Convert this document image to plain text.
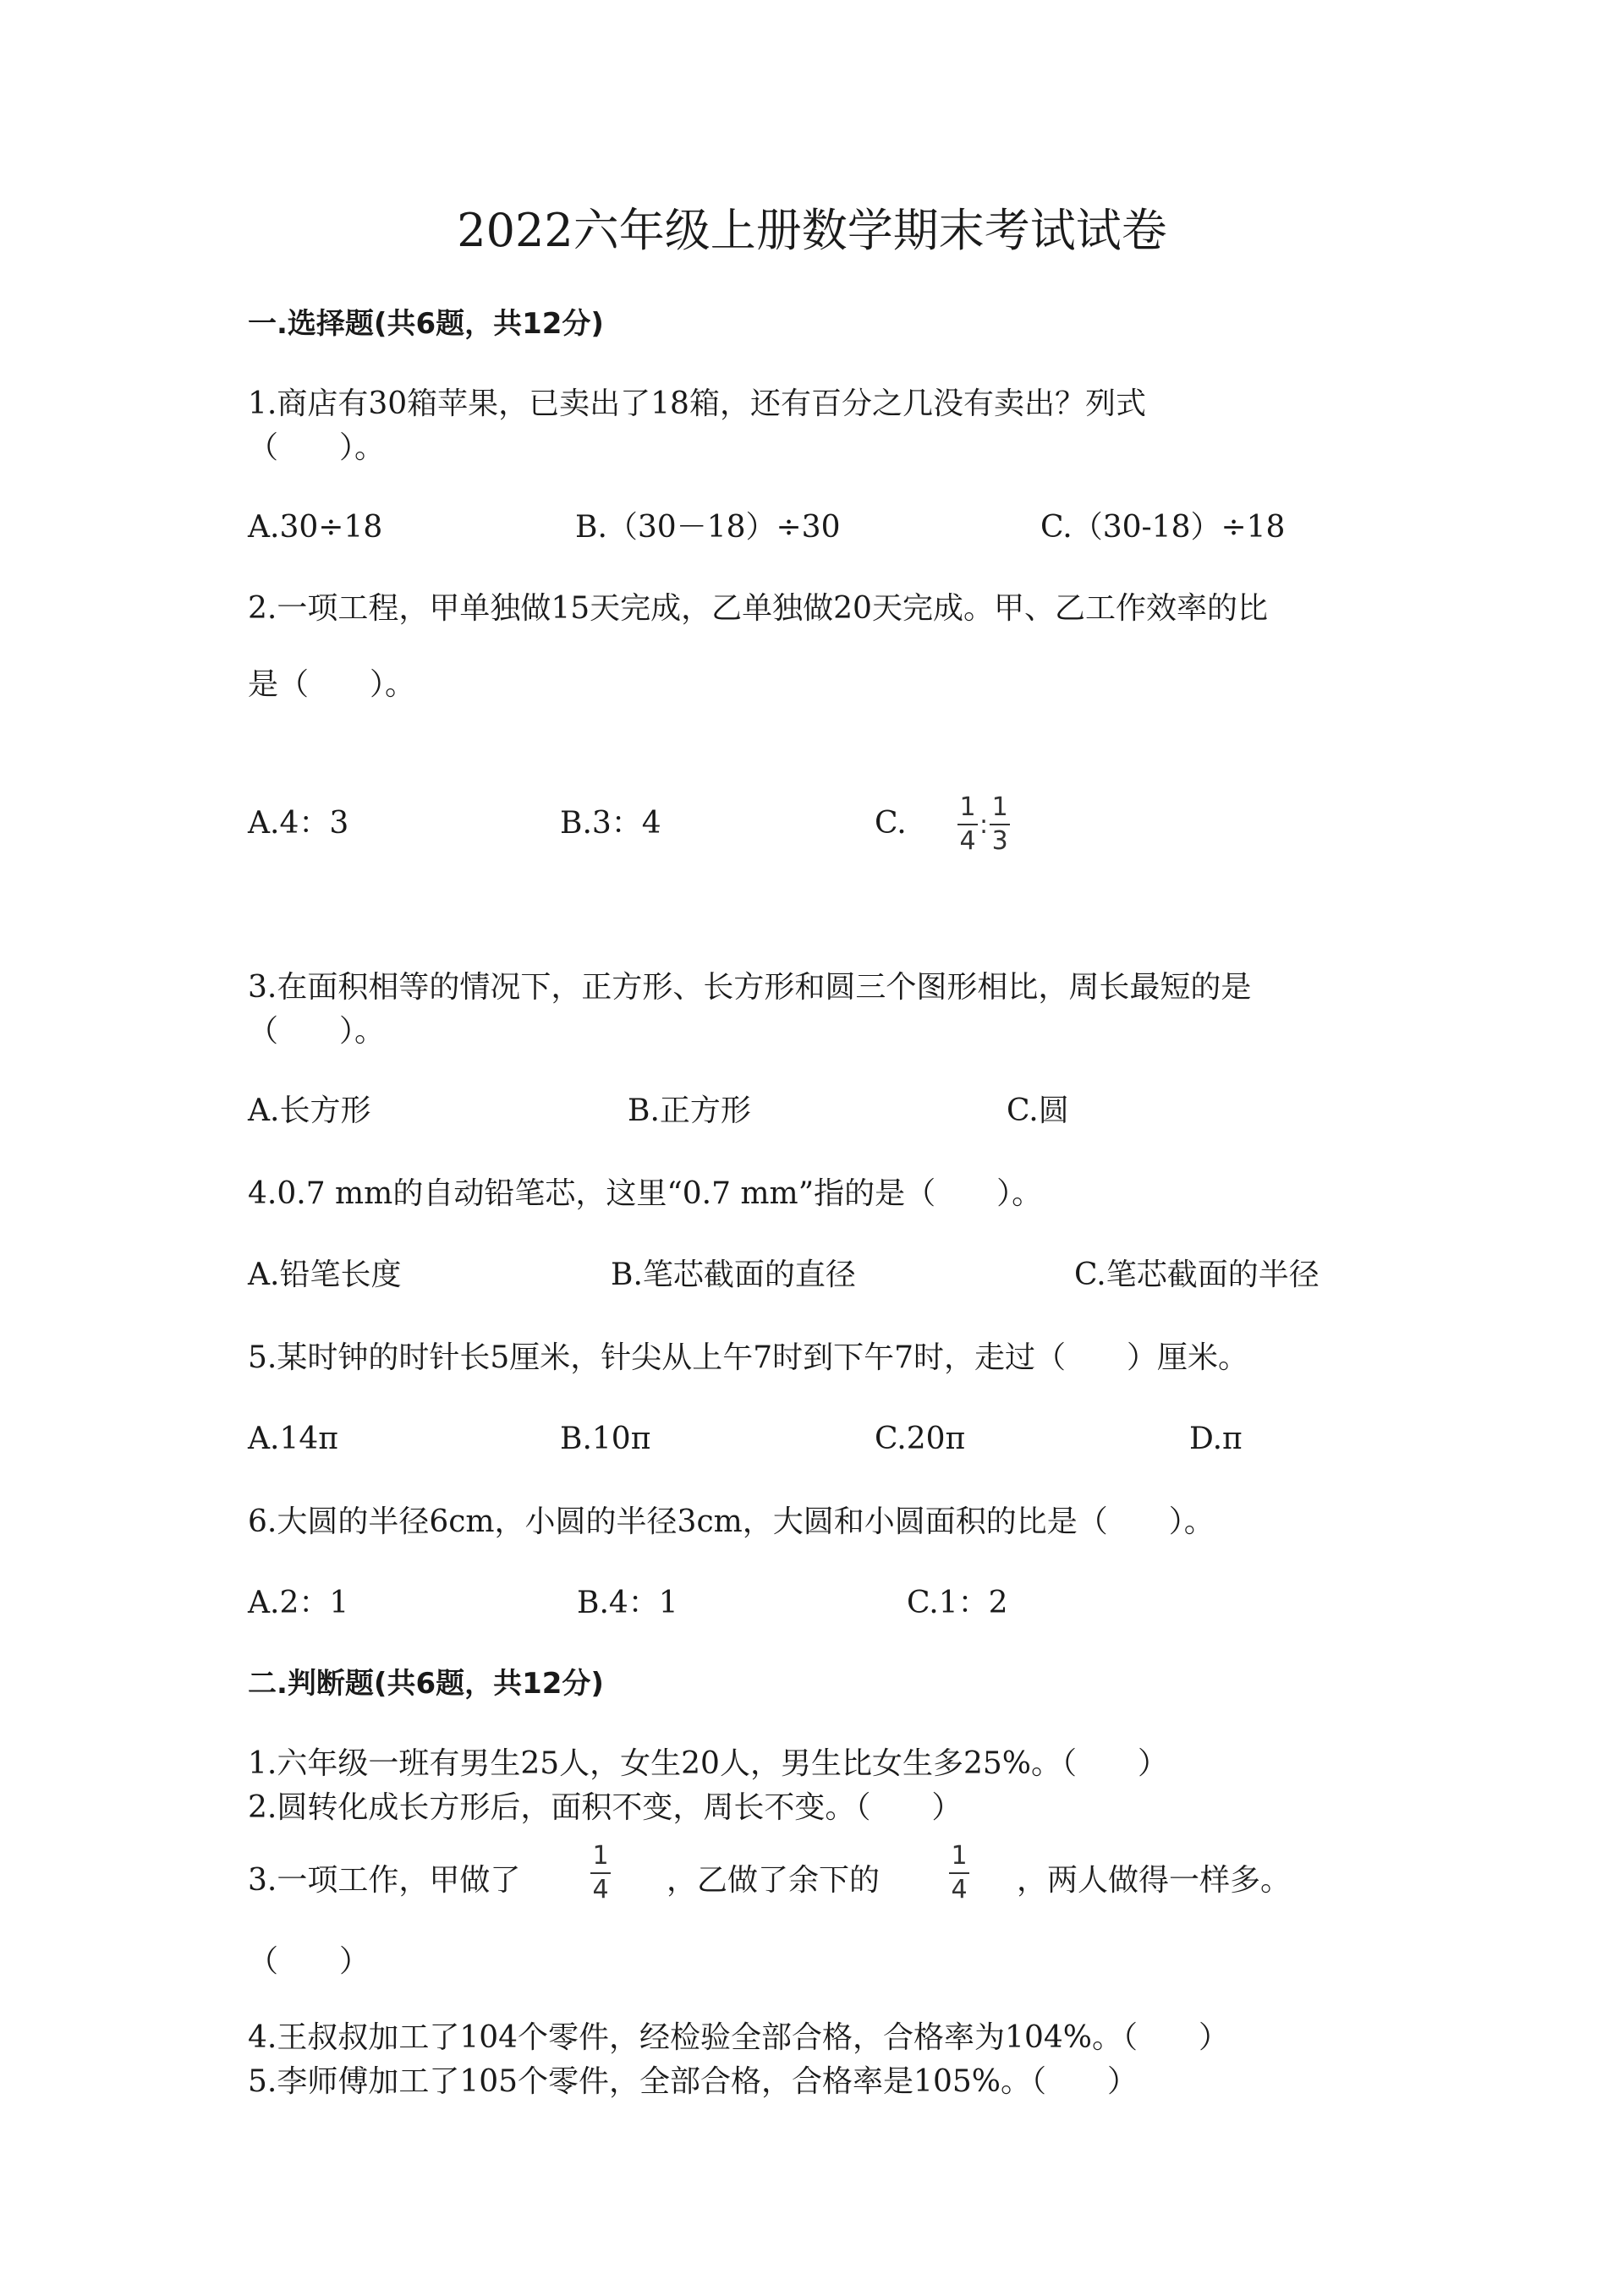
2022六年级上册数学期末考试试卷
一.选择题(共6题，共12分)
1.商店有30箱苹果，已卖出了18箱，还有百分之几没有卖出？列式
（　　）。
A.30÷18	B.（30－18）÷30	C.（30-18）÷18
2.一项工程，甲单独做15天完成，乙单独做20天完成。甲、乙工作效率的比
是（　　）。
A.4：3	B.3：4	C. $\frac{1}{4}$ : $\frac{1}{3}$
3.在面积相等的情况下，正方形、长方形和圆三个图形相比，周长最短的是
（　　）。
A.长方形	B.正方形	C.圆
4.0.7 mm的自动铅笔芯，这里“0.7 mm”指的是（　　）。
A.铅笔长度	B.笔芯截面的直径	C.笔芯截面的半径
5.某时钟的时针长5厘米，针尖从上午7时到下午7时，走过（　　）厘米。
A.14π	B.10π	C.20π	D.π
6.大圆的半径6cm，小圆的半径3cm，大圆和小圆面积的比是（　　）。
A.2：1	B.4：1	C.1：2
二.判断题(共6题，共12分)
1.六年级一班有男生25人，女生20人，男生比女生多25%。（　　）
2.圆转化成长方形后，面积不变，周长不变。（　　）
3.一项工作，甲做了
1
4 ，乙做了余下的
1
4 ，两人做得一样多。
（　　）
4.王叔叔加工了104个零件，经检验全部合格，合格率为104%。（　　）
5.李师傅加工了105个零件，全部合格，合格率是105%。（　　）
